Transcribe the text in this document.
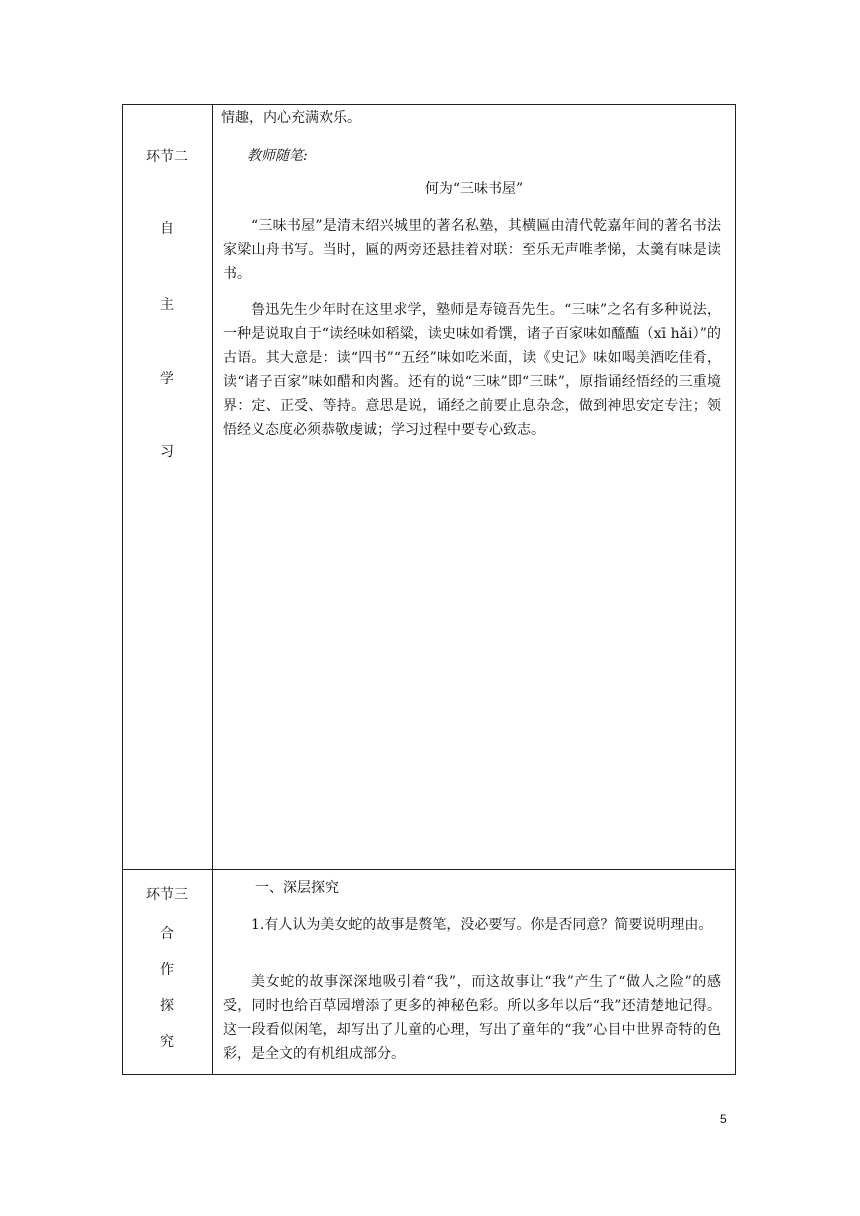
环节二
自
主
学
习

情趣，内心充满欢乐。

教师随笔:
何为“三味书屋”

“三味书屋”是清末绍兴城里的著名私塾，其横匾由清代乾嘉年间的著名书法家梁山舟书写。当时，匾的两旁还悬挂着对联：至乐无声唯孝悌，太羹有味是读书。

鲁迅先生少年时在这里求学，塾师是寿镜吾先生。“三味”之名有多种说法，一种是说取自于“读经味如稻粱，读史味如肴馔，诸子百家味如醯醢（xī hǎi）”的古语。其大意是：读“四书”“五经”味如吃米面，读《史记》味如喝美酒吃佳肴，读“诸子百家”味如醋和肉酱。还有的说“三味”即“三昧”，原指诵经悟经的三重境界：定、正受、等持。意思是说，诵经之前要止息杂念，做到神思安定专注；领悟经义态度必须恭敬虔诚；学习过程中要专心致志。

环节三
合
作
探
究

一、深层探究

1.有人认为美女蛇的故事是赘笔，没必要写。你是否同意？简要说明理由。

美女蛇的故事深深地吸引着“我”，而这故事让“我”产生了“做人之险”的感受，同时也给百草园增添了更多的神秘色彩。所以多年以后“我”还清楚地记得。这一段看似闲笔，却写出了儿童的心理，写出了童年的“我”心目中世界奇特的色彩，是全文的有机组成部分。

5
